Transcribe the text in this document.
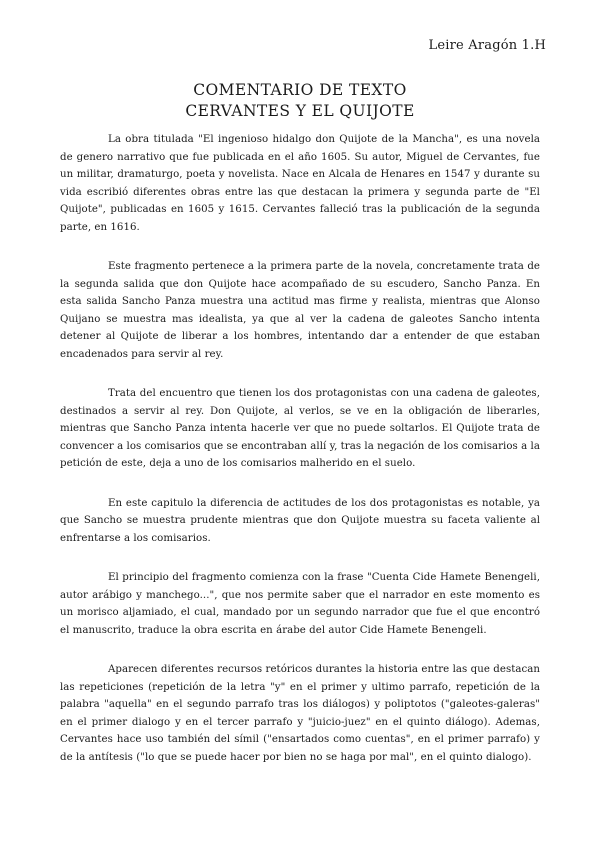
Leire Aragón 1.H
COMENTARIO DE TEXTO
CERVANTES Y EL QUIJOTE

La obra titulada "El ingenioso hidalgo don Quijote de la Mancha", es una novela de genero narrativo que fue publicada en el año 1605. Su autor, Miguel de Cervantes, fue un militar, dramaturgo, poeta y novelista. Nace en Alcala de Henares en 1547 y durante su vida escribió diferentes obras entre las que destacan la primera y segunda parte de "El Quijote", publicadas en 1605 y 1615. Cervantes falleció tras la publicación de la segunda parte, en 1616.

Este fragmento pertenece a la primera parte de la novela, concretamente trata de la segunda salida que don Quijote hace acompañado de su escudero, Sancho Panza. En esta salida Sancho Panza muestra una actitud mas firme y realista, mientras que Alonso Quijano se muestra mas idealista, ya que al ver la cadena de galeotes Sancho intenta detener al Quijote de liberar a los hombres, intentando dar a entender de que estaban encadenados para servir al rey.

Trata del encuentro que tienen los dos protagonistas con una cadena de galeotes, destinados a servir al rey. Don Quijote, al verlos, se ve en la obligación de liberarles, mientras que Sancho Panza intenta hacerle ver que no puede soltarlos. El Quijote trata de convencer a los comisarios que se encontraban allí y, tras la negación de los comisarios a la petición de este, deja a uno de los comisarios malherido en el suelo.

En este capitulo la diferencia de actitudes de los dos protagonistas es notable, ya que Sancho se muestra prudente mientras que don Quijote muestra su faceta valiente al enfrentarse a los comisarios.

El principio del fragmento comienza con la frase "Cuenta Cide Hamete Benengeli, autor arábigo y manchego...", que nos permite saber que el narrador en este momento es un morisco aljamiado, el cual, mandado por un segundo narrador que fue el que encontró el manuscrito, traduce la obra escrita en árabe del autor Cide Hamete Benengeli.

Aparecen diferentes recursos retóricos durantes la historia entre las que destacan las repeticiones (repetición de la letra "y" en el primer y ultimo parrafo, repetición de la palabra "aquella" en el segundo parrafo tras los diálogos) y poliptotos ("galeotes-galeras" en el primer dialogo y en el tercer parrafo y "juicio-juez" en el quinto diálogo). Ademas, Cervantes hace uso también del símil ("ensartados como cuentas", en el primer parrafo) y de la antítesis ("lo que se puede hacer por bien no se haga por mal", en el quinto dialogo).
